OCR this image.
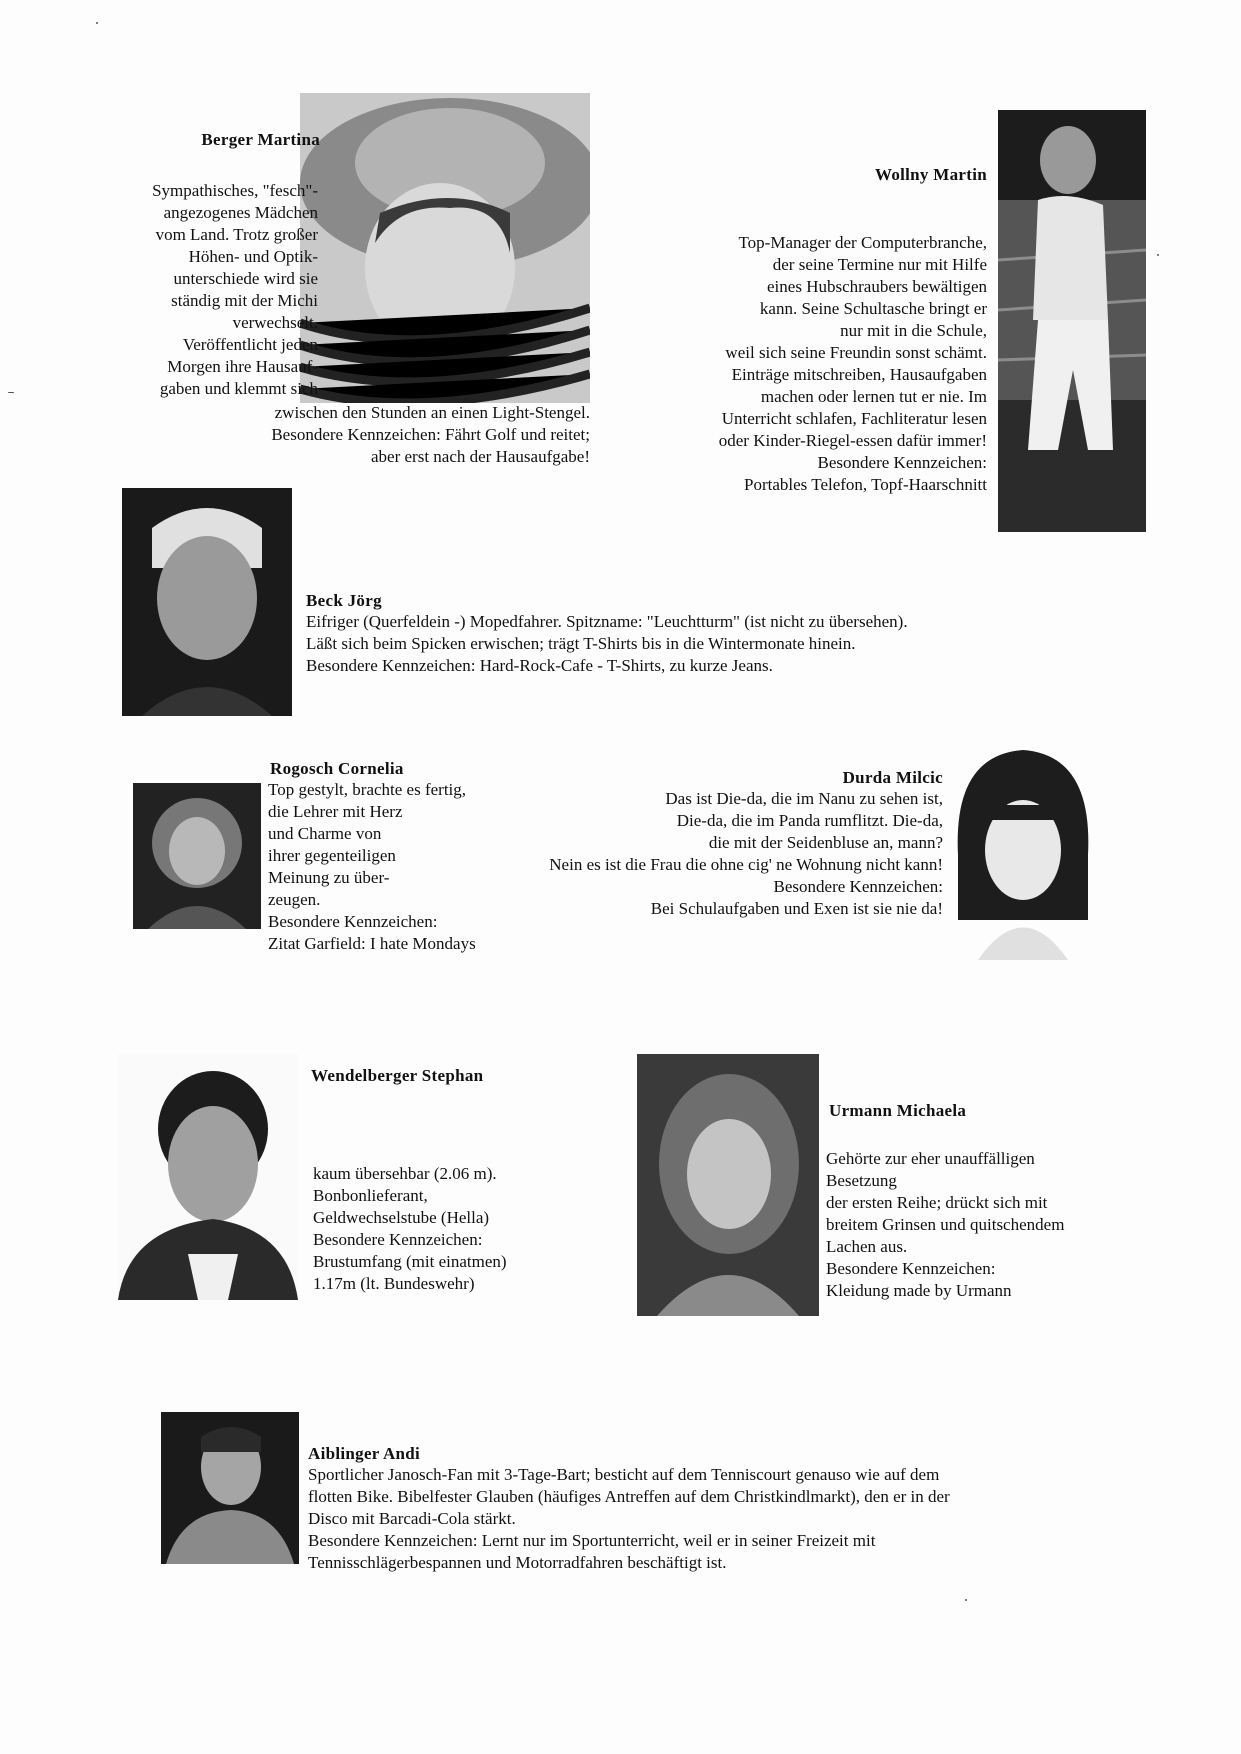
Berger Martina
Sympathisches, "fesch"-
angezogenes Mädchen
vom Land. Trotz großer
Höhen- und Optik-
unterschiede wird sie
ständig mit der Michi
verwechselt.
Veröffentlicht jeden
Morgen ihre Hausauf-
gaben und klemmt sich
zwischen den Stunden an einen Light-Stengel.
Besondere Kennzeichen: Fährt Golf und reitet;
aber erst nach der Hausaufgabe!
Wollny Martin
Top-Manager der Computerbranche,
der seine Termine nur mit Hilfe
eines Hubschraubers bewältigen
kann. Seine Schultasche bringt er
nur mit in die Schule,
weil sich seine Freundin sonst schämt.
Einträge mitschreiben, Hausaufgaben
machen oder lernen tut er nie. Im
Unterricht schlafen, Fachliteratur lesen
oder Kinder-Riegel-essen dafür immer!
Besondere Kennzeichen:
Portables Telefon, Topf-Haarschnitt
Beck Jörg
Eifriger (Querfeldein -) Mopedfahrer. Spitzname: "Leuchtturm" (ist nicht zu übersehen).
Läßt sich beim Spicken erwischen; trägt T-Shirts bis in die Wintermonate hinein.
Besondere Kennzeichen: Hard-Rock-Cafe - T-Shirts, zu kurze Jeans.
Rogosch Cornelia
Top gestylt, brachte es fertig,
die Lehrer mit Herz
und Charme von
ihrer gegenteiligen
Meinung zu über-
zeugen.
Besondere Kennzeichen:
Zitat Garfield: I hate Mondays
Durda Milcic
Das ist Die-da, die im Nanu zu sehen ist,
Die-da, die im Panda rumflitzt. Die-da,
die mit der Seidenbluse an, mann?
Nein es ist die Frau die ohne cig' ne Wohnung nicht kann!
Besondere Kennzeichen:
Bei Schulaufgaben und Exen ist sie nie da!
Wendelberger Stephan
kaum übersehbar (2.06 m).
Bonbonlieferant,
Geldwechselstube (Hella)
Besondere Kennzeichen:
Brustumfang (mit einatmen)
1.17m (lt. Bundeswehr)
Urmann Michaela
Gehörte zur eher unauffälligen
Besetzung
der ersten Reihe; drückt sich mit
breitem Grinsen und quitschendem
Lachen aus.
Besondere Kennzeichen:
Kleidung made by Urmann
Aiblinger Andi
Sportlicher Janosch-Fan mit 3-Tage-Bart; besticht auf dem Tenniscourt genauso wie auf dem
flotten Bike. Bibelfester Glauben (häufiges Antreffen auf dem Christkindlmarkt), den er in der
Disco mit Barcadi-Cola stärkt.
Besondere Kennzeichen: Lernt nur im Sportunterricht, weil er in seiner Freizeit mit
Tennisschlägerbespannen und Motorradfahren beschäftigt ist.
